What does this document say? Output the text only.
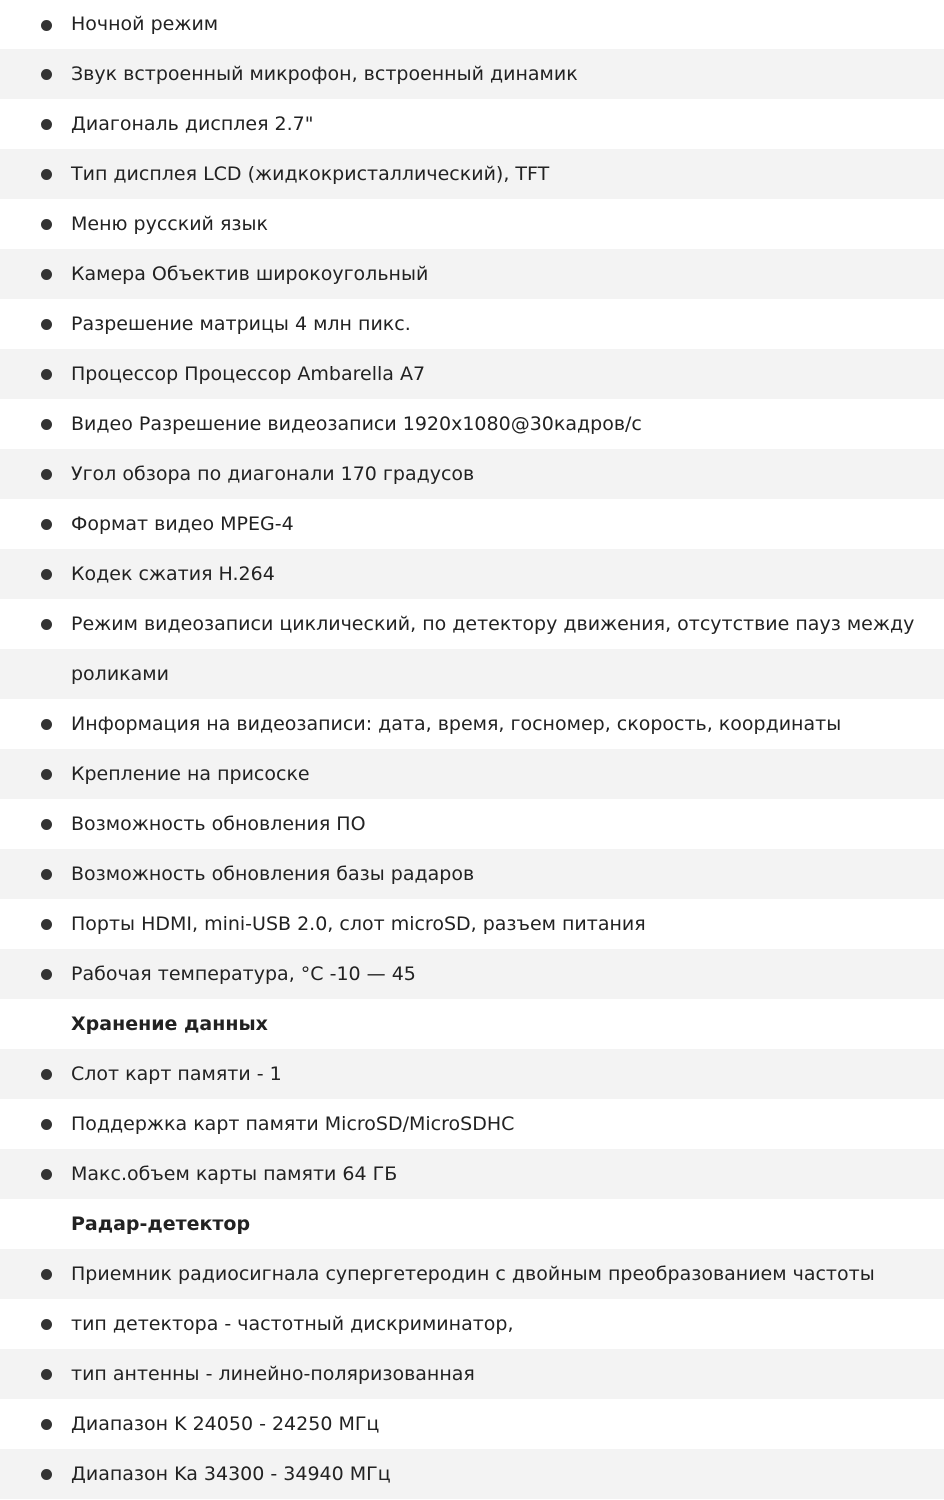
Ночной режим
Звук встроенный микрофон, встроенный динамик
Диагональ дисплея 2.7"
Тип дисплея LCD (жидкокристаллический), TFT
Меню русский язык
Камера Объектив широкоугольный
Разрешение матрицы 4 млн пикс.
Процессор Процессор Ambarella A7
Видео Разрешение видеозаписи 1920x1080@30кадров/с
Угол обзора по диагонали 170 градусов
Формат видео MPEG-4
Кодек сжатия H.264
Режим видеозаписи циклический, по детектору движения, отсутствие пауз между
роликами
Информация на видеозаписи: дата, время, госномер, скорость, координаты
Крепление на присоске
Возможность обновления ПО
Возможность обновления базы радаров
Порты HDMI, mini-USB 2.0, слот microSD, разъем питания
Рабочая температура, °C -10 — 45
Хранение данных
Слот карт памяти - 1
Поддержка карт памяти MicroSD/MicroSDHC
Макс.объем карты памяти 64 ГБ
Радар-детектор
Приемник радиосигнала супергетеродин с двойным преобразованием частоты
тип детектора - частотный дискриминатор,
тип антенны - линейно-поляризованная
Диапазон K 24050 - 24250 МГц
Диапазон Ka 34300 - 34940 МГц
